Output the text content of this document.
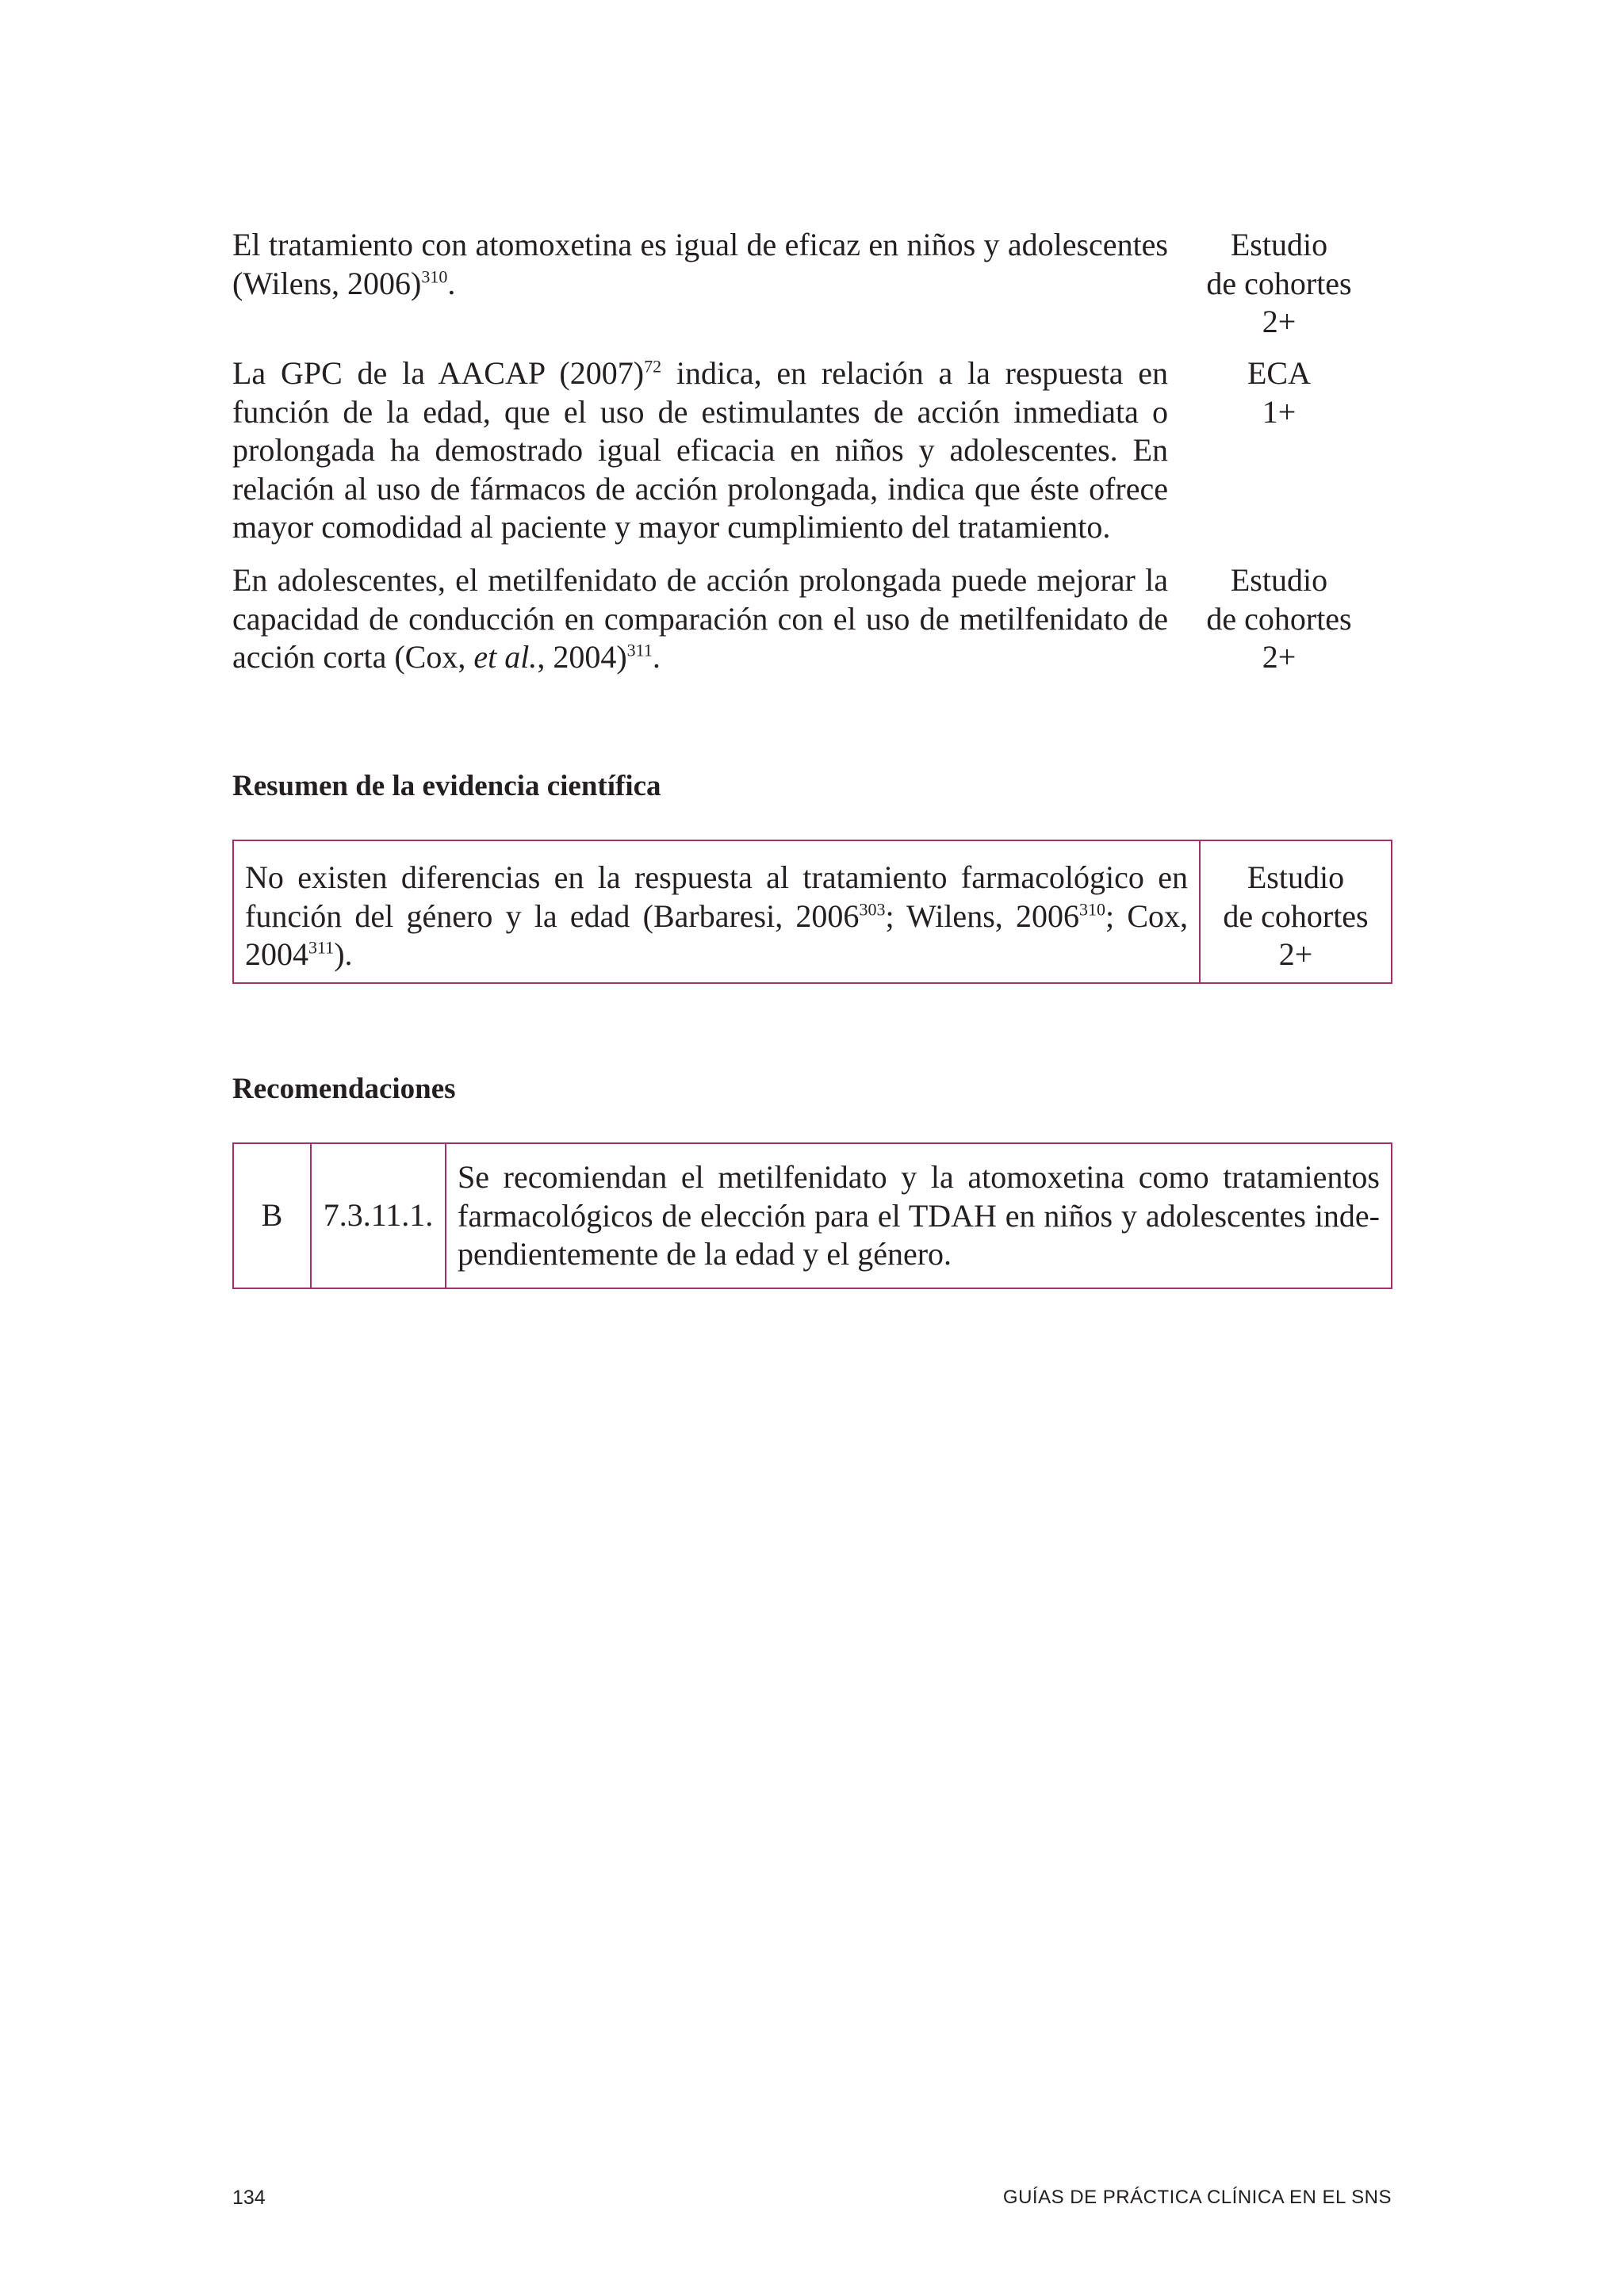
El tratamiento con atomoxetina es igual de eficaz en niños y adolescentes (Wilens, 2006)$^{310}$.
Estudio
de cohortes
2+
La GPC de la AACAP $(2007)^{72}$ indica, en relación a la respuesta en función de la edad, que el uso de estimulantes de acción inmediata o prolongada ha demostrado igual eficacia en niños y adolescentes. En relación al uso de fármacos de acción prolongada, indica que éste ofrece mayor comodidad al paciente y mayor cumplimiento del tratamiento.
ECA
1+
En adolescentes, el metilfenidato de acción prolongada puede mejorar la capacidad de conducción en comparación con el uso de metilfenidato de acción corta (Cox, et al., 2004)$^{311}$.
Estudio
de cohortes
2+
Resumen de la evidencia científica
No existen diferencias en la respuesta al tratamiento farmacológico en función del género y la edad (Barbaresi, 2006$^{303}$; Wilens, 2006$^{310}$; Cox, 2004$^{311}$).
Estudio
de cohortes
2+
Recomendaciones
B	7.3.11.1.
Se recomiendan el metilfenidato y la atomoxetina como tratamientos
farmacológicos de elección para el TDAH en niños y adolescentes inde-
pendientemente de la edad y el género.
134	GUÍAS DE PRÁCTICA CLÍNICA EN EL SNS
